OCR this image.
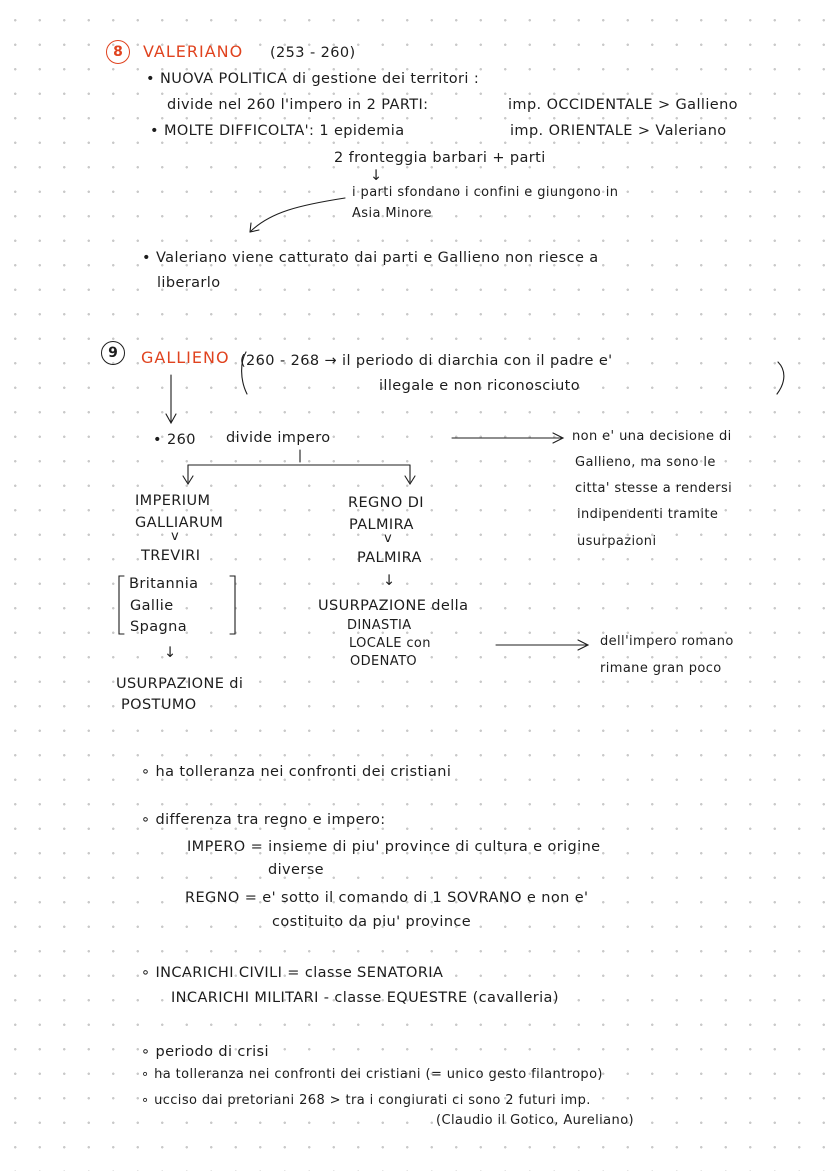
8	VALERIANO (253 - 260)
• NUOVA POLITICA di gestione dei territori :
divide nel 260 l'impero in 2 PARTI:	imp. OCCIDENTALE > Gallieno
• MOLTE DIFFICOLTA': 1 epidemia	imp. ORIENTALE > Valeriano
2 fronteggia barbari + parti
↓
i parti sfondano i confini e giungono in
Asia Minore
• Valeriano viene catturato dai parti e Gallieno non riesce a
liberarlo
9	GALLIENO (260 - 268 → il periodo di diarchia con il padre e'
illegale e non riconosciuto
• 260 divide impero	non e' una decisione di
Gallieno, ma sono le
citta' stesse a rendersi
indipendenti tramite
usurpazioni
IMPERIUM
GALLIARUM
v
TREVIRI
Britannia
Gallie
Spagna
↓
USURPAZIONE di
POSTUMO
REGNO DI
PALMIRA
v
PALMIRA
↓
USURPAZIONE della
DINASTIA
LOCALE con
ODENATO
dell'impero romano
rimane gran poco
∘ ha tolleranza nei confronti dei cristiani
∘ differenza tra regno e impero:
IMPERO = insieme di piu' province di cultura e origine
diverse
REGNO = e' sotto il comando di 1 SOVRANO e non e'
costituito da piu' province
∘ INCARICHI CIVILI = classe SENATORIA
INCARICHI MILITARI - classe EQUESTRE (cavalleria)
∘ periodo di crisi
∘ ha tolleranza nei confronti dei cristiani (= unico gesto filantropo)
∘ ucciso dai pretoriani 268 > tra i congiurati ci sono 2 futuri imp.
(Claudio il Gotico, Aureliano)
